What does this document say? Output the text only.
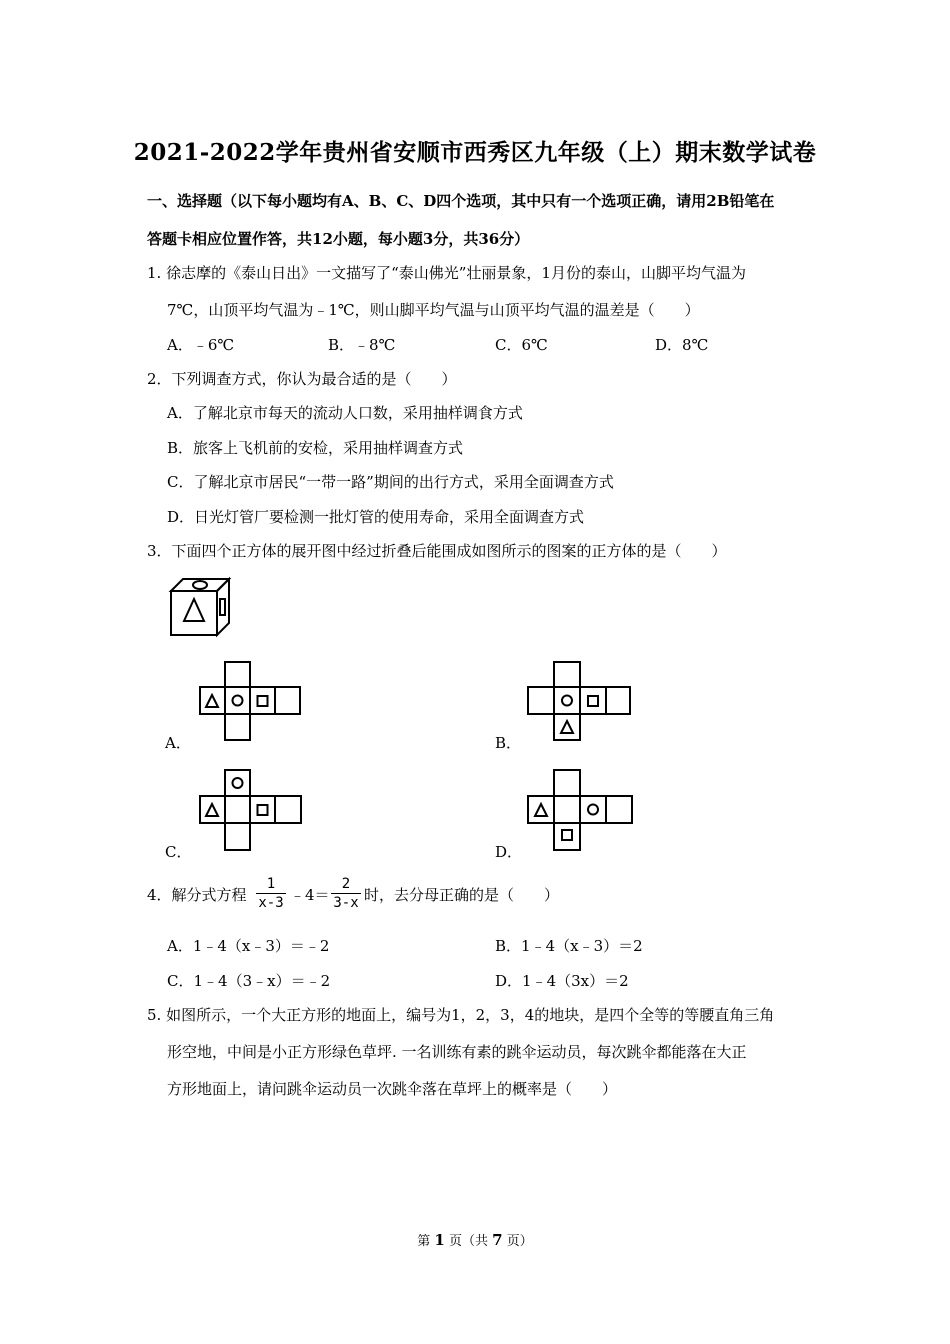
2021-2022学年贵州省安顺市西秀区九年级（上）期末数学试卷
一、选择题（以下每小题均有A、B、C、D四个选项，其中只有一个选项正确，请用2B铅笔在
答题卡相应位置作答，共12小题，每小题3分，共36分）
1. 徐志摩的《泰山日出》一文描写了“泰山佛光”壮丽景象，1月份的泰山，山脚平均气温为
7℃，山顶平均气温为﹣1℃，则山脚平均气温与山顶平均气温的温差是（　　）
A．﹣6℃	B．﹣8℃	C．6℃	D．8℃
2．下列调查方式，你认为最合适的是（　　）
A．了解北京市每天的流动人口数，采用抽样调食方式
B．旅客上飞机前的安检，采用抽样调查方式
C．了解北京市居民“一带一路”期间的出行方式，采用全面调查方式
D．日光灯管厂要检测一批灯管的使用寿命，采用全面调查方式
3．下面四个正方体的展开图中经过折叠后能围成如图所示的图案的正方体的是（　　）
A．	B．
C．	D．
4．解分式方程
1
x-3 ﹣4＝
2
3-x 时，去分母正确的是（　　）
A．1﹣4（x﹣3）＝﹣2	B．1﹣4（x﹣3）＝2
C．1﹣4（3﹣x）＝﹣2	D．1﹣4（3x）＝2
5. 如图所示，一个大正方形的地面上，编号为1，2，3，4的地块，是四个全等的等腰直角三角
形空地，中间是小正方形绿色草坪. 一名训练有素的跳伞运动员，每次跳伞都能落在大正
方形地面上，请问跳伞运动员一次跳伞落在草坪上的概率是（　　）
第 1 页（共 7 页）
